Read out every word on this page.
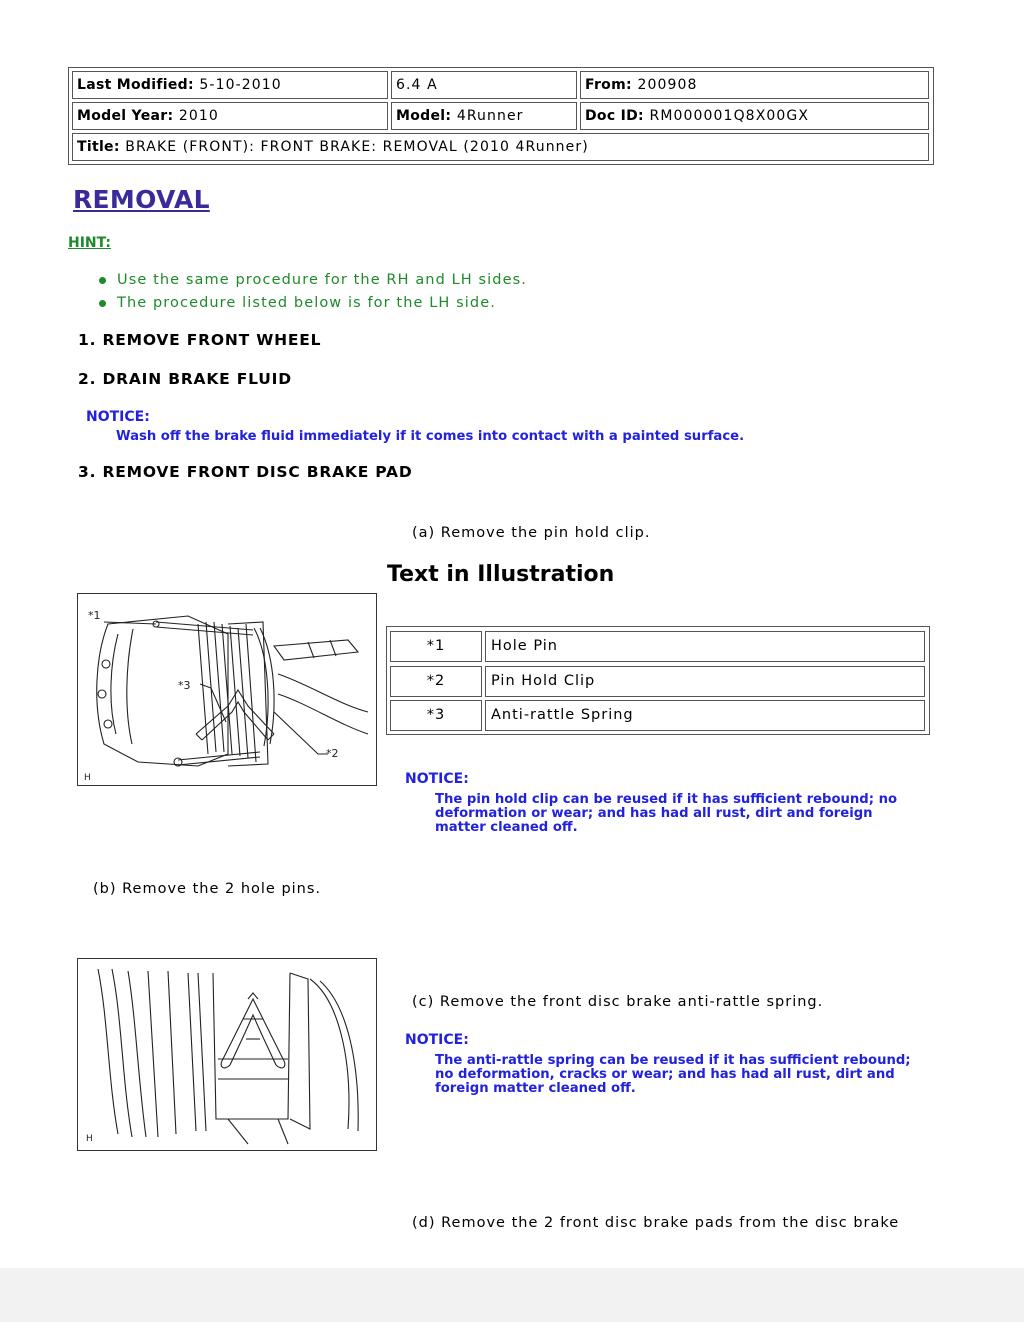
Last Modified: 5-10-2010	6.4 A	From: 200908
Model Year: 2010	Model: 4Runner	Doc ID: RM000001Q8X00GX
Title: BRAKE (FRONT): FRONT BRAKE: REMOVAL (2010 4Runner)
REMOVAL
HINT:
Use the same procedure for the RH and LH sides.
The procedure listed below is for the LH side.
1. REMOVE FRONT WHEEL
2. DRAIN BRAKE FLUID
NOTICE:
Wash off the brake fluid immediately if it comes into contact with a painted surface.
3. REMOVE FRONT DISC BRAKE PAD
(a) Remove the pin hold clip.
Text in Illustration
*1	Hole Pin
*2	Pin Hold Clip
*3	Anti-rattle Spring
NOTICE:
The pin hold clip can be reused if it has sufficient rebound; no
deformation or wear; and has had all rust, dirt and foreign
matter cleaned off.
*1
*3
*2
H
(b) Remove the 2 hole pins.
H
(c) Remove the front disc brake anti-rattle spring.
NOTICE:
The anti-rattle spring can be reused if it has sufficient rebound;
no deformation, cracks or wear; and has had all rust, dirt and
foreign matter cleaned off.
(d) Remove the 2 front disc brake pads from the disc brake
